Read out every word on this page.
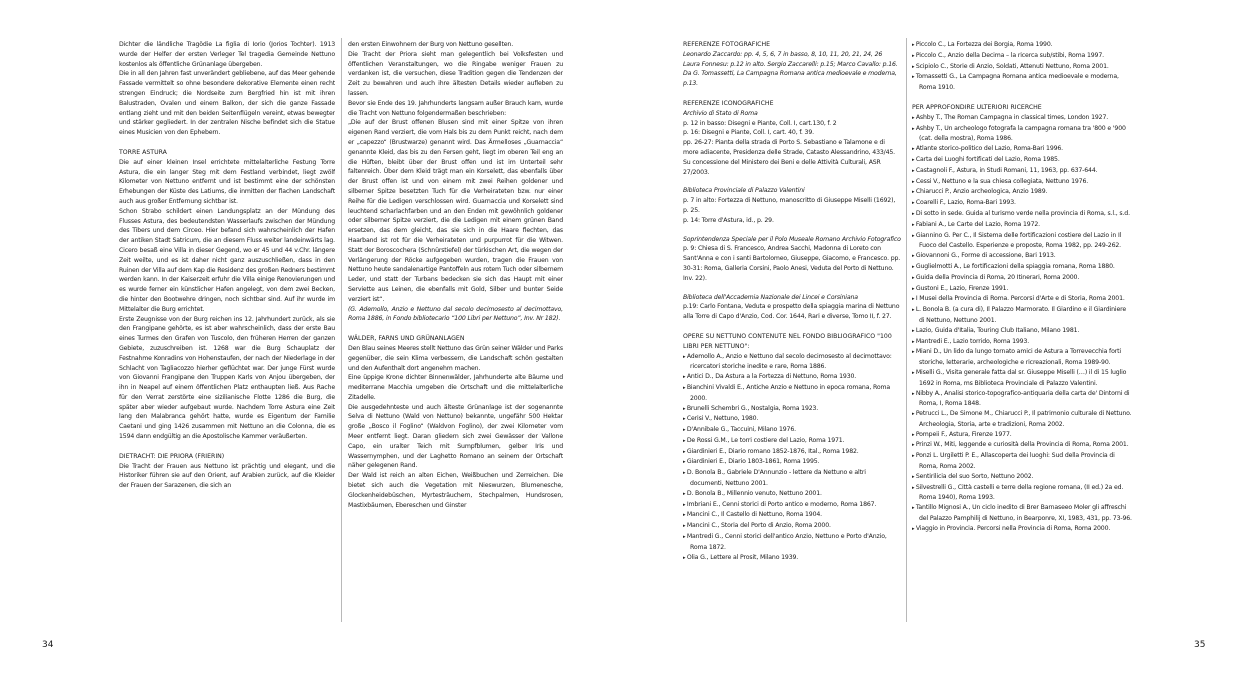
Dichter die ländliche Tragödie La figlia di Iorio (Jorios Tochter). 1913 wurde der Helfer der ersten Verleger Tel tragedia Gemeinde Nettuno kostenlos als öffentliche Grünanlage übergeben.

Die in all den Jahren fast unverändert gebliebene, auf das Meer gehende Fassade vermittelt so ohne besondere dekorative Elemente einen recht strengen Eindruck; die Nordseite zum Bergfried hin ist mit ihren Balustraden, Ovalen und einem Balkon, der sich die ganze Fassade entlang zieht und mit den beiden Seitenflügeln vereint, etwas bewegter und stärker gegliedert. In der zentralen Nische befindet sich die Statue eines Musicien von den Ephebern.

TORRE ASTURA

Die auf einer kleinen Insel errichtete mittelalterliche Festung Torre Astura, die ein langer Steg mit dem Festland verbindet, liegt zwölf Kilometer von Nettuno entfernt und ist bestimmt eine der schönsten Erhebungen der Küste des Latiums, die inmitten der flachen Landschaft auch aus großer Entfernung sichtbar ist.

Schon Strabo schildert einen Landungsplatz an der Mündung des Flusses Astura, des bedeutendsten Wasserlaufs zwischen der Mündung des Tibers und dem Circeo. Hier befand sich wahrscheinlich der Hafen der antiken Stadt Satricum, die an diesem Fluss weiter landeinwärts lag. Cicero besaß eine Villa in dieser Gegend, wo er 45 und 44 v.Chr. längere Zeit weilte, und es ist daher nicht ganz auszuschließen, dass in den Ruinen der Villa auf dem Kap die Residenz des großen Redners bestimmt werden kann. In der Kaiserzeit erfuhr die Villa einige Renovierungen und es wurde ferner ein künstlicher Hafen angelegt, von dem zwei Becken, die hinter den Bootwehre dringen, noch sichtbar sind. Auf ihr wurde im Mittelalter die Burg errichtet.

Erste Zeugnisse von der Burg reichen ins 12. Jahrhundert zurück, als sie den Frangipane gehörte, es ist aber wahrscheinlich, dass der erste Bau eines Turmes den Grafen von Tuscolo, den früheren Herren der ganzen Gebiete, zuzuschreiben ist. 1268 war die Burg Schauplatz der Festnahme Konradins von Hohenstaufen, der nach der Niederlage in der Schlacht von Tagliacozzo hierher geflüchtet war. Der junge Fürst wurde von Giovanni Frangipane den Truppen Karls von Anjou übergeben, der ihn in Neapel auf einem öffentlichen Platz enthaupten ließ. Aus Rache für den Verrat zerstörte eine sizilianische Flotte 1286 die Burg, die später aber wieder aufgebaut wurde. Nachdem Torre Astura eine Zeit lang den Malabranca gehört hatte, wurde es Eigentum der Familie Caetani und ging 1426 zusammen mit Nettuno an die Colonna, die es 1594 dann endgültig an die Apostolische Kammer veräußerten.

DIETRACHT: DIE PRIORA (FRIERIN)

Die Tracht der Frauen aus Nettuno ist prächtig und elegant, und die Historiker führen sie auf den Orient, auf Arabien zurück, auf die Kleider der Frauen der Sarazenen, die sich an

den ersten Einwohnern der Burg von Nettuno gesellten.

Die Tracht der Priora sieht man gelegentlich bei Volksfesten und öffentlichen Veranstaltungen, wo die Ringabe weniger Frauen zu verdanken ist, die versuchen, diese Tradition gegen die Tendenzen der Zeit zu bewahren und auch ihre ältesten Details wieder aufleben zu lassen.

Bevor sie Ende des 19. Jahrhunderts langsam außer Brauch kam, wurde die Tracht von Nettuno folgendermaßen beschrieben:

„Die auf der Brust offenen Blusen sind mit einer Spitze von ihren eigenen Rand verziert, die vom Hals bis zu dem Punkt reicht, nach dem er „capezzo“ (Brustwarze) genannt wird. Das Ärmelloses „Guarnaccia“ genannte Kleid, das bis zu den Fersen geht, liegt im oberen Teil eng an die Hüften, bleibt über der Brust offen und ist im Unterteil sehr faltenreich. Über dem Kleid trägt man ein Korselett, das ebenfalls über der Brust offen ist und von einem mit zwei Reihen goldener und silberner Spitze besetzten Tuch für die Verheirateten bzw. nur einer Reihe für die Ledigen verschlossen wird. Guarnaccia und Korselett sind leuchtend scharlachfarben und an den Enden mit gewöhnlich goldener oder silberner Spitze verziert, die die Ledigen mit einem grünen Band ersetzen, das dem gleicht, das sie sich in die Haare flechten, das Haarband ist rot für die Verheirateten und purpurrot für die Witwen. Statt der Boroscochera (Schnürstiefel) der türkischen Art, die wegen der Verlängerung der Röcke aufgegeben wurden, tragen die Frauen von Nettuno heute sandalenartige Pantoffeln aus rotem Tuch oder silbernem Leder, und statt der Turbans bedecken sie sich das Haupt mit einer Serviette aus Leinen, die ebenfalls mit Gold, Silber und bunter Seide verziert ist“.

(G. Ademollo, Anzio e Nettuno dal secolo decimosesto al decimottavo, Roma 1886, in Fondo bibliotecario “100 Libri per Nettuno”, Inv. Nr 182).

WÄLDER, FARNS UND GRÜNANLAGEN

Den Blau seines Meeres stellt Nettuno das Grün seiner Wälder und Parks gegenüber, die sein Klima verbessern, die Landschaft schön gestalten und den Aufenthalt dort angenehm machen.

Eine üppige Krone dichter Binnenwälder, Jahrhunderte alte Bäume und mediterrane Macchia umgeben die Ortschaft und die mittelalterliche Zitadelle.

Die ausgedehnteste und auch älteste Grünanlage ist der sogenannte Selva di Nettuno (Wald von Nettuno) bekannte, ungefähr 500 Hektar große „Bosco il Foglino“ (Waldvon Foglino), der zwei Kilometer vom Meer entfernt liegt. Daran gliedern sich zwei Gewässer der Vallone Capo, ein uralter Teich mit Sumpfblumen, gelber Iris und Wassernymphen, und der Laghetto Romano an seinem der Ortschaft näher gelegenen Rand.

Der Wald ist reich an alten Eichen, Weißbuchen und Zerreichen. Die bietet sich auch die Vegetation mit Nieswurzen, Blumenesche, Glockenheidebüschen, Myrtesträuchern, Stechpalmen, Hundsrosen, Mastixbäumen, Ebereschen und Ginster

34

REFERENZE FOTOGRAFICHE

Leonardo Zaccardo: pp. 4, 5, 6, 7 in basso, 8, 10, 11, 20, 21, 24, 26

Laura Fonnesu: p.12 in alto. Sergio Zaccarelli: p.15; Marco Cavallo: p.16. Da G. Tomassetti, La Campagna Romana antica medioevale e moderna, p.13.

REFERENZE ICONOGRAFICHE

Archivio di Stato di Roma

p. 12 in basso: Disegni e Piante, Coll. I, cart.130, f. 2

p. 16: Disegni e Piante, Coll. I, cart. 40, f. 39.

pp. 26-27: Pianta della strada di Porto S. Sebastiano e Talamone e di more adiacente, Presidenza delle Strade, Catasto Alessandrino, 433/45. Su concessione del Ministero dei Beni e delle Attività Culturali, ASR 27/2003.

Biblioteca Provinciale di Palazzo Valentini

p. 7 in alto: Fortezza di Nettuno, manoscritto di Giuseppe Miselli (1692), p. 25.

p. 14: Torre d'Astura, id., p. 29.

Soprintendenza Speciale per il Polo Museale Romano Archivio Fotografico

p. 9: Chiesa di S. Francesco, Andrea Sacchi, Madonna di Loreto con Sant'Anna e con i santi Bartolomeo, Giuseppe, Giacomo, e Francesco. pp. 30-31: Roma, Galleria Corsini, Paolo Anesi, Veduta del Porto di Nettuno. Inv. 22).

Biblioteca dell'Accademia Nazionale dei Lincei e Corsiniana

p.19: Carlo Fontana, Veduta e prospetto della spiaggia marina di Nettuno alla Torre di Capo d'Anzio, Cod. Cor. 1644, Rari e diverse, Tomo II, f. 27.

OPERE SU NETTUNO CONTENUTE NEL FONDO BIBLIOGRAFICO "100 LIBRI PER NETTUNO":

▸ Ademollo A., Anzio e Nettuno dal secolo decimosesto al decimottavo: ricercatori storiche inedite e rare, Roma 1886.
▸ Antici D., Da Astura a la Fortezza di Nettuno, Roma 1930.
▸ Bianchini Vivaldi E., Antiche Anzio e Nettuno in epoca romana, Roma 2000.
▸ Brunelli Schembri G., Nostalgia, Roma 1923.
▸ Cerisi V., Nettuno, 1980.
▸ D'Annibale G., Taccuini, Milano 1976.
▸ De Rossi G.M., Le torri costiere del Lazio, Roma 1971.
▸ Giardinieri E., Diario romano 1852-1876, Ital., Roma 1982.
▸ Giardinieri E., Diario 1803-1861, Roma 1995.
▸ D. Bonola B., Gabriele D'Annunzio - lettere da Nettuno e altri documenti, Nettuno 2001.
▸ D. Bonola B., Millennio venuto, Nettuno 2001.
▸ Imbriani E., Cenni storici di Porto antico e moderno, Roma 1867.
▸ Mancini C., Il Castello di Nettuno, Roma 1904.
▸ Mancini C., Storia del Porto di Anzio, Roma 2000.
▸ Mantredi G., Cenni storici dell'antico Anzio, Nettuno e Porto d'Anzio, Roma 1872.
▸ Olia G., Lettere al Prosit, Milano 1939.
▸ Piccolo C., La Fortezza dei Borgia, Roma 1990.
▸ Piccolo C., Anzio della Decima – la ricerca sub/stibi, Roma 1997.
▸ Scipiolo C., Storie di Anzio, Soldati, Attenuti Nettuno, Roma 2001.
▸ Tomassetti G., La Campagna Romana antica medioevale e moderna, Roma 1910.

PER APPROFONDIRE ULTERIORI RICERCHE

▸ Ashby T., The Roman Campagna in classical times, London 1927.
▸ Ashby T., Un archeologo fotografa la campagna romana tra '800 e '900 (cat. della mostra), Roma 1986.
▸ Atlante storico-politico del Lazio, Roma-Bari 1996.
▸ Carta dei Luoghi fortificati del Lazio, Roma 1985.
▸ Castagnoli F., Astura, in Studi Romani, 11, 1963, pp. 637-644.
▸ Cessi V., Nettuno e la sua chiesa collegiata, Nettuno 1976.
▸ Chiarucci P., Anzio archeologica, Anzio 1989.
▸ Coarelli F., Lazio, Roma-Bari 1993.
▸ Di sotto in sede. Guida al turismo verde nella provincia di Roma, s.l., s.d.
▸ Fabiani A., Le Carte del Lazio, Roma 1972.
▸ Giannino G. Per C., Il Sistema delle fortificazioni costiere del Lazio in Il Fuoco del Castello. Esperienze e proposte, Roma 1982, pp. 249-262.
▸ Giovannoni G., Forme di accessione, Bari 1913.
▸ Guglielmotti A., Le fortificazioni della spiaggia romana, Roma 1880.
▸ Guida della Provincia di Roma, 20 Itinerari, Roma 2000.
▸ Gustoni E., Lazio, Firenze 1991.
▸ I Musei della Provincia di Roma. Percorsi d'Arte e di Storia, Roma 2001.
▸ L. Bonola B. (a cura di), Il Palazzo Marmorato. Il Giardino e il Giardiniere di Nettuno, Nettuno 2001.
▸ Lazio, Guida d'Italia, Touring Club Italiano, Milano 1981.
▸ Mantredi E., Lazio torrido, Roma 1993.
▸ Miani D., Un lido da lungo tornato amici de Astura a Torrevecchia forti storiche, letterarie, archeologiche e ricreazionali, Roma 1989-90.
▸ Miselli G., Visita generale fatta dal sr. Giuseppe Miselli (…) il di 15 luglio 1692 in Roma, ms Biblioteca Provinciale di Palazzo Valentini.
▸ Nibby A., Analisi storico-topografico-antiquaria della carta de' Dintorni di Roma, I, Roma 1848.
▸ Petrucci L., De Simone M., Chiarucci P., Il patrimonio culturale di Nettuno. Archeologia, Storia, arte e tradizioni, Roma 2002.
▸ Pompeii F., Astura, Firenze 1977.
▸ Prinzi W., Miti, leggende e curiosità della Provincia di Roma, Roma 2001.
▸ Ponzi L. Urgiletti P. E., Allascoperta dei luoghi: Sud della Provincia di Roma, Roma 2002.
▸ Sentirilicia del suo Sorto, Nettuno 2002.
▸ Silvestrelli G., Città castelli e terre della regione romana, (II ed.) 2a ed. Roma 1940), Roma 1993.
▸ Tantillo Mignosi A., Un ciclo inedito di Brer Barnaseeo Moler gli affreschi del Palazzo Pamphilij di Nettuno, in Bearponre, XI, 1983, 431, pp. 73-96.
▸ Viaggio in Provincia. Percorsi nella Provincia di Roma, Roma 2000.
35
